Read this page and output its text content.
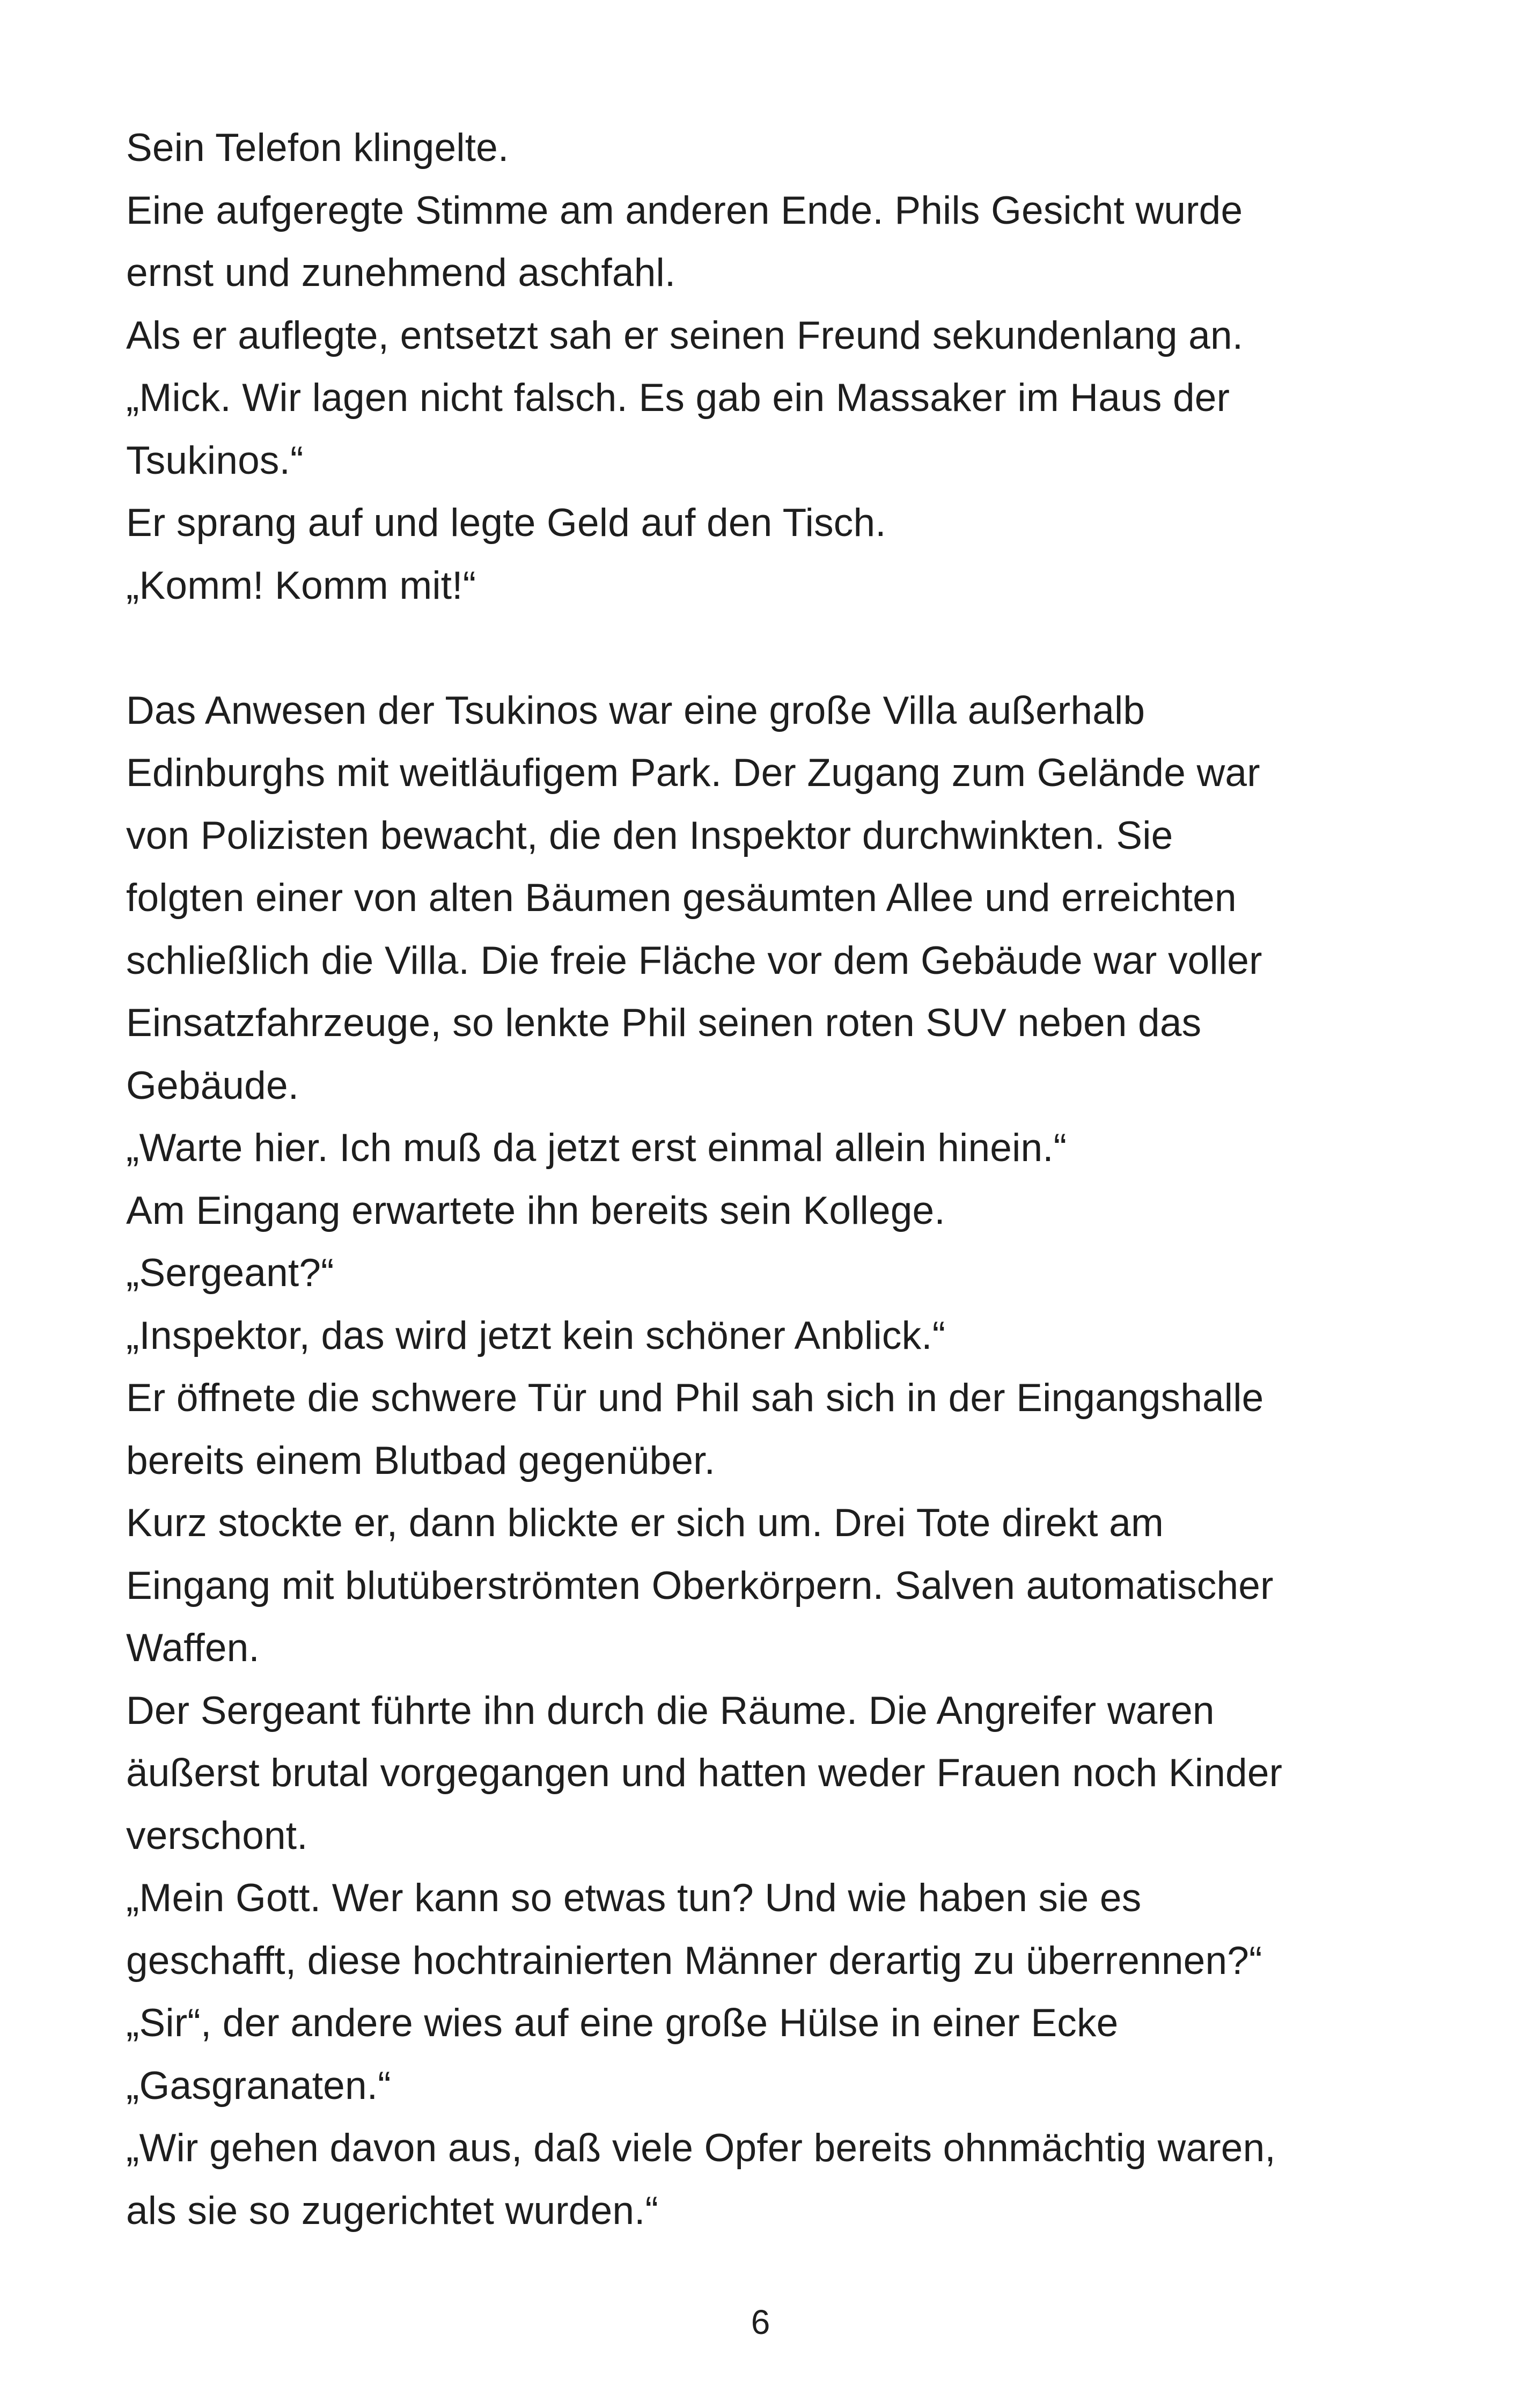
Sein Telefon klingelte.
Eine aufgeregte Stimme am anderen Ende. Phils Gesicht wurde
ernst und zunehmend aschfahl.
Als er auflegte, entsetzt sah er seinen Freund sekundenlang an.
„Mick. Wir lagen nicht falsch. Es gab ein Massaker im Haus der
Tsukinos.“
Er sprang auf und legte Geld auf den Tisch.
„Komm! Komm mit!“
Das Anwesen der Tsukinos war eine große Villa außerhalb
Edinburghs mit weitläufigem Park. Der Zugang zum Gelände war
von Polizisten bewacht, die den Inspektor durchwinkten. Sie
folgten einer von alten Bäumen gesäumten Allee und erreichten
schließlich die Villa. Die freie Fläche vor dem Gebäude war voller
Einsatzfahrzeuge, so lenkte Phil seinen roten SUV neben das
Gebäude.
„Warte hier. Ich muß da jetzt erst einmal allein hinein.“
Am Eingang erwartete ihn bereits sein Kollege.
„Sergeant?“
„Inspektor, das wird jetzt kein schöner Anblick.“
Er öffnete die schwere Tür und Phil sah sich in der Eingangshalle
bereits einem Blutbad gegenüber.
Kurz stockte er, dann blickte er sich um. Drei Tote direkt am
Eingang mit blutüberströmten Oberkörpern. Salven automatischer
Waffen.
Der Sergeant führte ihn durch die Räume. Die Angreifer waren
äußerst brutal vorgegangen und hatten weder Frauen noch Kinder
verschont.
„Mein Gott. Wer kann so etwas tun? Und wie haben sie es
geschafft, diese hochtrainierten Männer derartig zu überrennen?“
„Sir“, der andere wies auf eine große Hülse in einer Ecke
„Gasgranaten.“
„Wir gehen davon aus, daß viele Opfer bereits ohnmächtig waren,
als sie so zugerichtet wurden.“
6
